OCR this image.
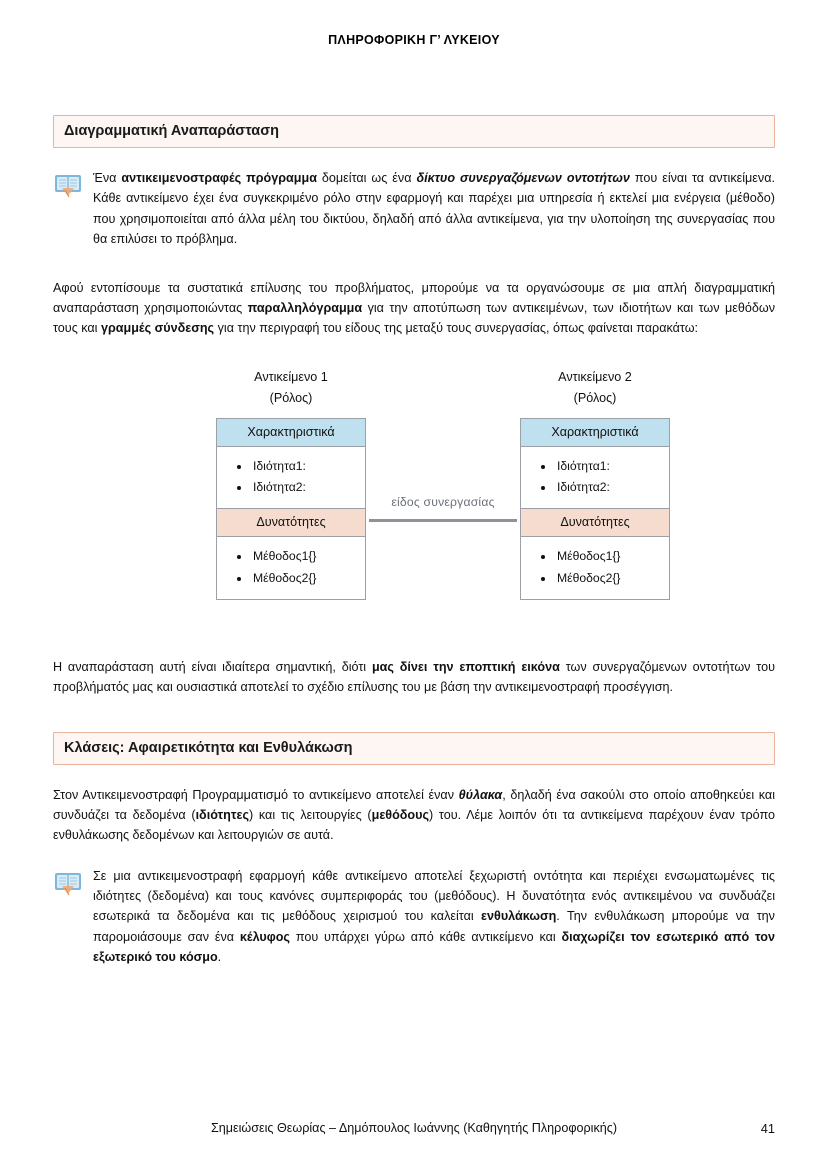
ΠΛΗΡΟΦΟΡΙΚΗ Γ’ ΛΥΚΕΙΟΥ
Διαγραμματική Αναπαράσταση
Ένα αντικειμενοστραφές πρόγραμμα δομείται ως ένα δίκτυο συνεργαζόμενων οντοτήτων που είναι τα αντικείμενα. Κάθε αντικείμενο έχει ένα συγκεκριμένο ρόλο στην εφαρμογή και παρέχει μια υπηρεσία ή εκτελεί μια ενέργεια (μέθοδο) που χρησιμοποιείται από άλλα μέλη του δικτύου, δηλαδή από άλλα αντικείμενα, για την υλοποίηση της συνεργασίας που θα επιλύσει το πρόβλημα.
Αφού εντοπίσουμε τα συστατικά επίλυσης του προβλήματος, μπορούμε να τα οργανώσουμε σε μια απλή διαγραμματική αναπαράσταση χρησιμοποιώντας παραλληλόγραμμα για την αποτύπωση των αντικειμένων, των ιδιοτήτων και των μεθόδων τους και γραμμές σύνδεσης για την περιγραφή του είδους της μεταξύ τους συνεργασίας, όπως φαίνεται παρακάτω:
Αντικείμενο 1
(Ρόλος)
Χαρακτηριστικά
• Ιδιότητα1:
• Ιδιότητα2:
Δυνατότητες
• Μέθοδος1{}
• Μέθοδος2{}
είδος συνεργασίας
Αντικείμενο 2
(Ρόλος)
Χαρακτηριστικά
• Ιδιότητα1:
• Ιδιότητα2:
Δυνατότητες
• Μέθοδος1{}
• Μέθοδος2{}
Η αναπαράσταση αυτή είναι ιδιαίτερα σημαντική, διότι μας δίνει την εποπτική εικόνα των συνεργαζόμενων οντοτήτων του προβλήματός μας και ουσιαστικά αποτελεί το σχέδιο επίλυσης του με βάση την αντικειμενοστραφή προσέγγιση.
Κλάσεις: Αφαιρετικότητα και Ενθυλάκωση
Στον Αντικειμενοστραφή Προγραμματισμό το αντικείμενο αποτελεί έναν θύλακα, δηλαδή ένα σακούλι στο οποίο αποθηκεύει και συνδυάζει τα δεδομένα (ιδιότητες) και τις λειτουργίες (μεθόδους) του. Λέμε λοιπόν ότι τα αντικείμενα παρέχουν έναν τρόπο ενθυλάκωσης δεδομένων και λειτουργιών σε αυτά.
Σε μια αντικειμενοστραφή εφαρμογή κάθε αντικείμενο αποτελεί ξεχωριστή οντότητα και περιέχει ενσωματωμένες τις ιδιότητες (δεδομένα) και τους κανόνες συμπεριφοράς του (μεθόδους). Η δυνατότητα ενός αντικειμένου να συνδυάζει εσωτερικά τα δεδομένα και τις μεθόδους χειρισμού του καλείται ενθυλάκωση. Την ενθυλάκωση μπορούμε να την παρομοιάσουμε σαν ένα κέλυφος που υπάρχει γύρω από κάθε αντικείμενο και διαχωρίζει τον εσωτερικό από τον εξωτερικό του κόσμο.
Σημειώσεις Θεωρίας – Δημόπουλος Ιωάννης (Καθηγητής Πληροφορικής)	41
